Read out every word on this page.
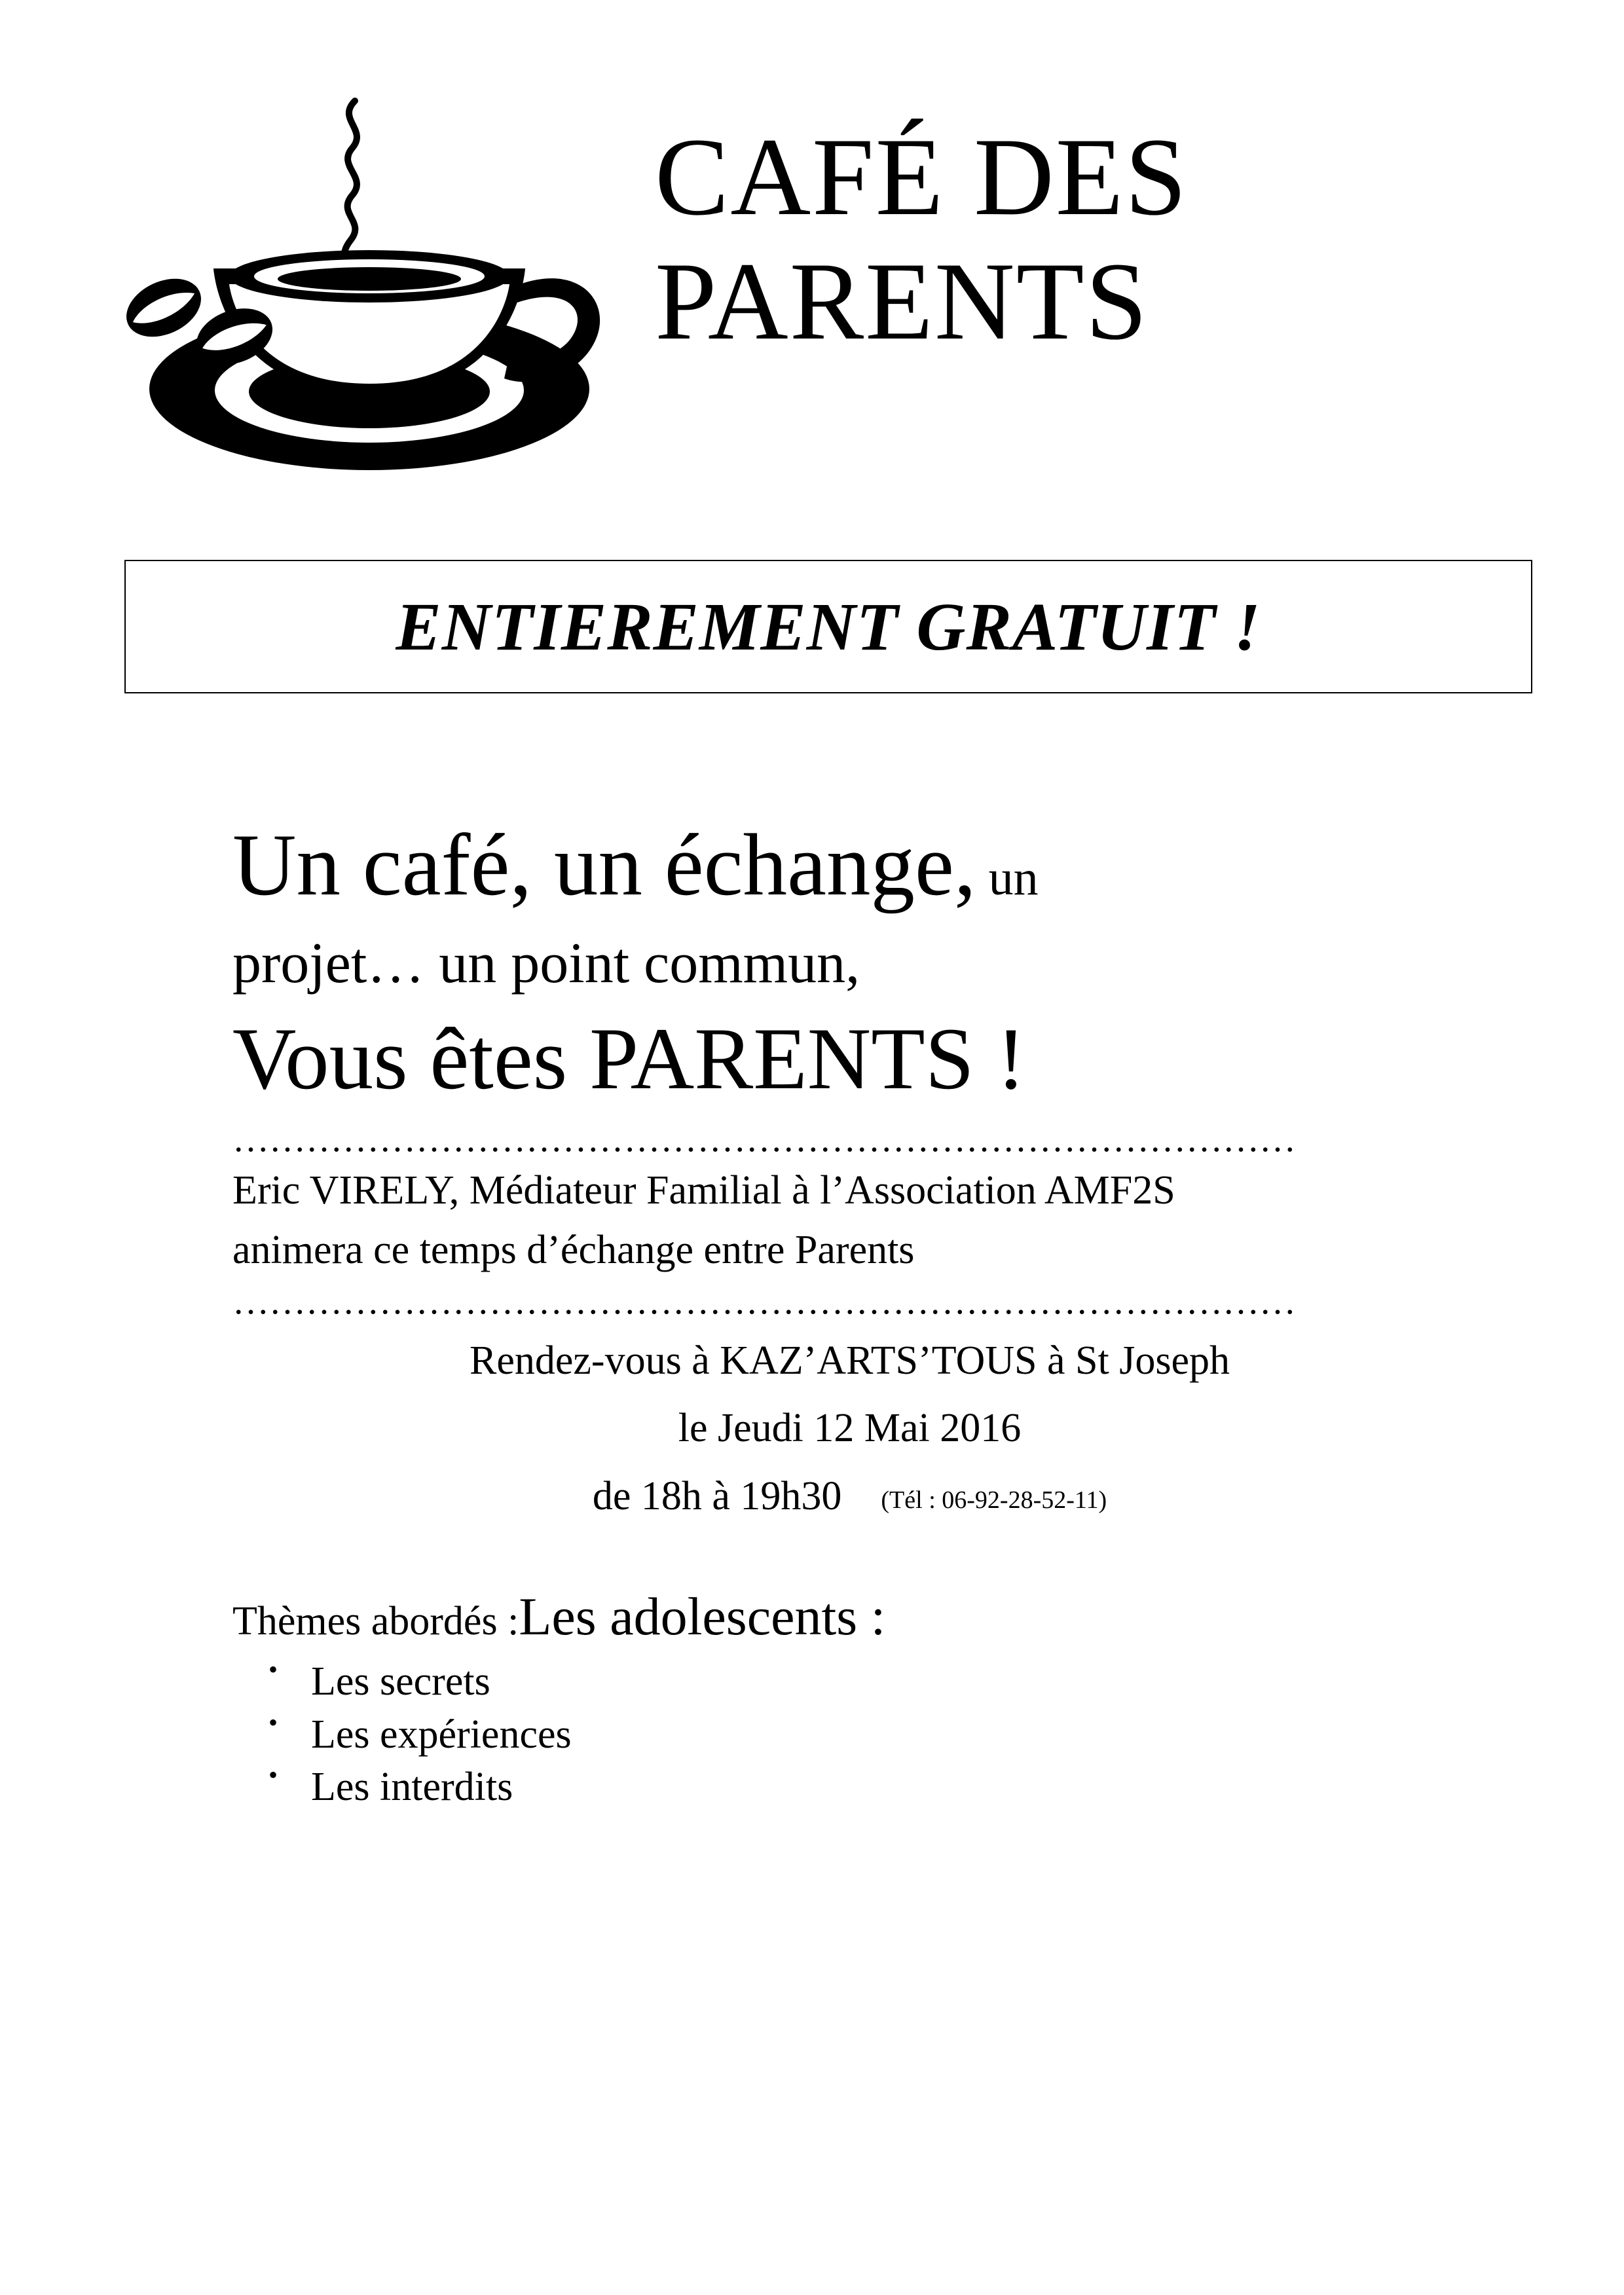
CAFÉ DES
PARENTS
ENTIEREMENT GRATUIT !
Un café, un échange, un
projet… un point commun,
Vous êtes PARENTS !
……………………………………………………………………………
Eric VIRELY, Médiateur Familial à l’Association AMF2S
animera ce temps d’échange entre Parents
……………………………………………………………………………
Rendez-vous à KAZ’ARTS’TOUS à St Joseph
le Jeudi 12 Mai 2016
de 18h à 19h30 (Tél : 06-92-28-52-11)
Thèmes abordés :Les adolescents :
• Les secrets
• Les expériences
• Les interdits
